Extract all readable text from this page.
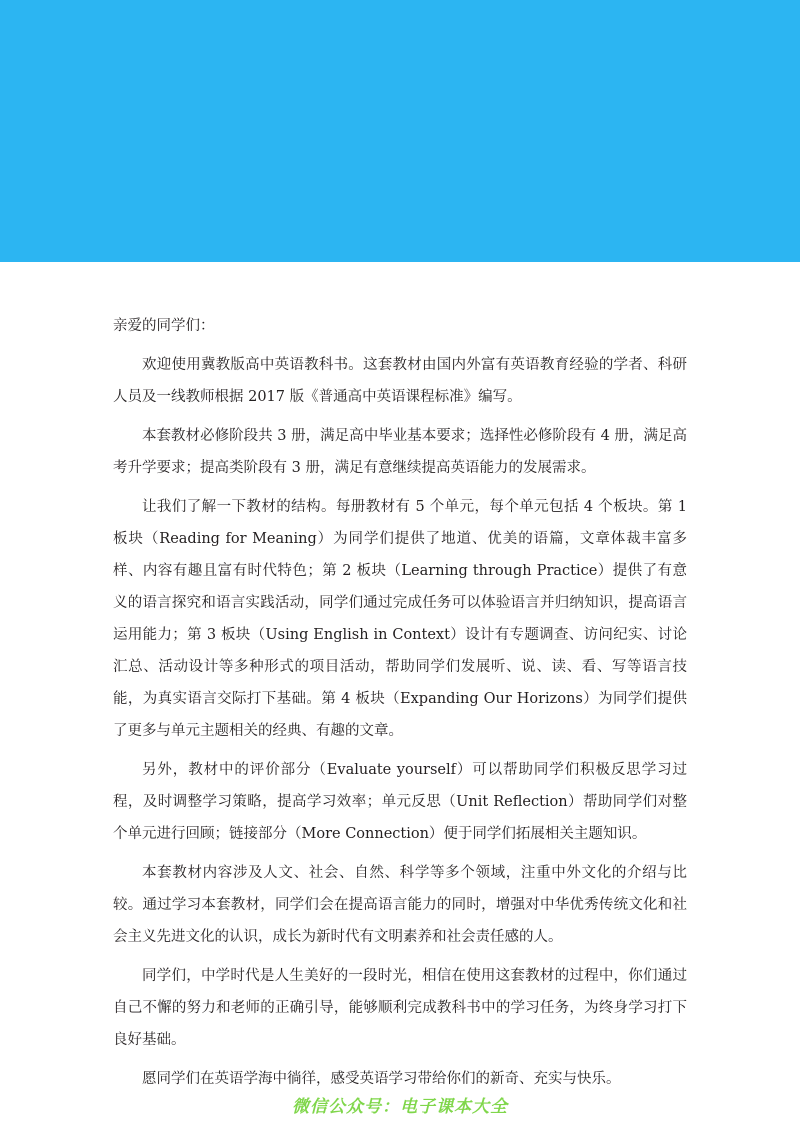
亲爱的同学们：

欢迎使用冀教版高中英语教科书。这套教材由国内外富有英语教育经验的学者、科研人员及一线教师根据 2017 版《普通高中英语课程标准》编写。

本套教材必修阶段共 3 册，满足高中毕业基本要求；选择性必修阶段有 4 册，满足高考升学要求；提高类阶段有 3 册，满足有意继续提高英语能力的发展需求。

让我们了解一下教材的结构。每册教材有 5 个单元，每个单元包括 4 个板块。第 1 板块（Reading for Meaning）为同学们提供了地道、优美的语篇，文章体裁丰富多样、内容有趣且富有时代特色；第 2 板块（Learning through Practice）提供了有意义的语言探究和语言实践活动，同学们通过完成任务可以体验语言并归纳知识，提高语言运用能力；第 3 板块（Using English in Context）设计有专题调查、访问纪实、讨论汇总、活动设计等多种形式的项目活动，帮助同学们发展听、说、读、看、写等语言技能，为真实语言交际打下基础。第 4 板块（Expanding Our Horizons）为同学们提供了更多与单元主题相关的经典、有趣的文章。

另外，教材中的评价部分（Evaluate yourself）可以帮助同学们积极反思学习过程，及时调整学习策略，提高学习效率；单元反思（Unit Reflection）帮助同学们对整个单元进行回顾；链接部分（More Connection）便于同学们拓展相关主题知识。

本套教材内容涉及人文、社会、自然、科学等多个领域，注重中外文化的介绍与比较。通过学习本套教材，同学们会在提高语言能力的同时，增强对中华优秀传统文化和社会主义先进文化的认识，成长为新时代有文明素养和社会责任感的人。

同学们，中学时代是人生美好的一段时光，相信在使用这套教材的过程中，你们通过自己不懈的努力和老师的正确引导，能够顺利完成教科书中的学习任务，为终身学习打下良好基础。

愿同学们在英语学海中徜徉，感受英语学习带给你们的新奇、充实与快乐。

微信公众号：电子课本大全
